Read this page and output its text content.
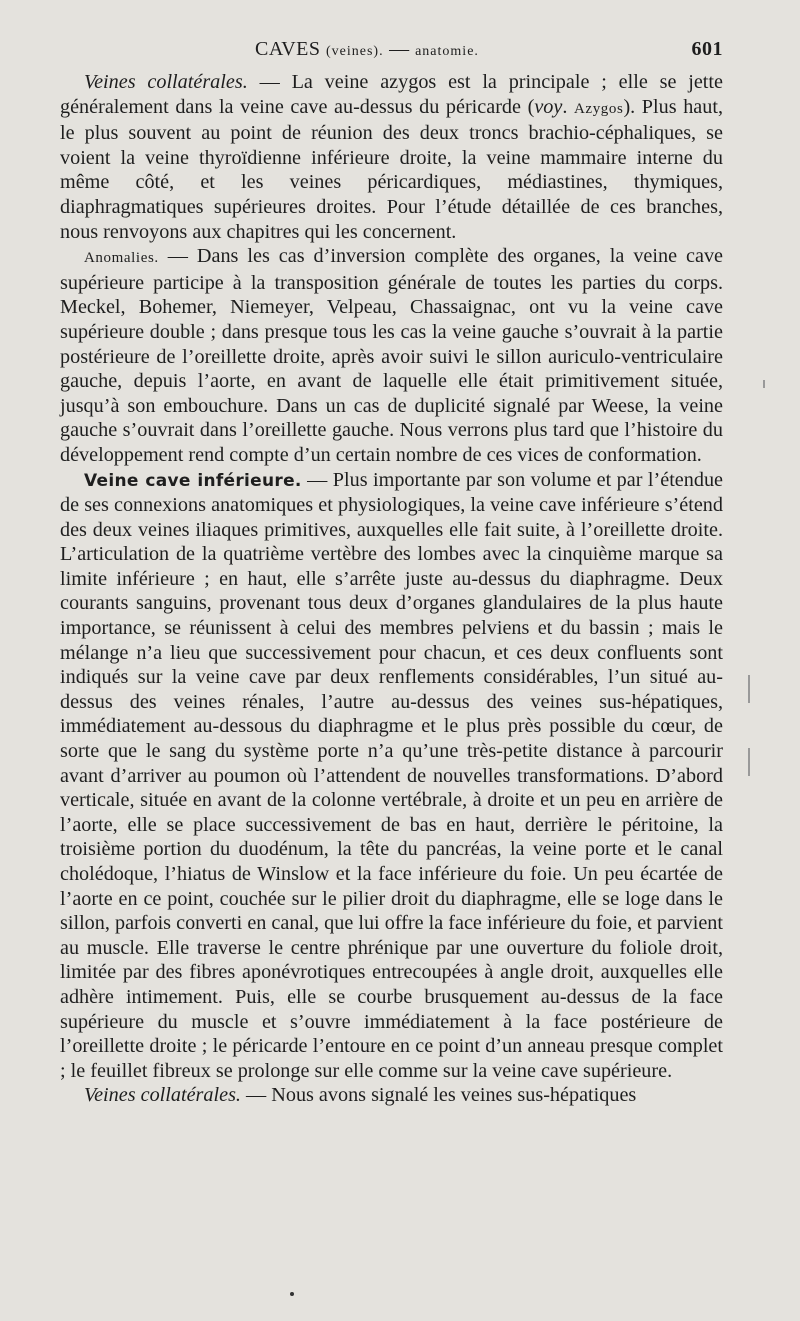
CAVES (veines). — anatomie.	601

Veines collatérales. — La veine azygos est la principale ; elle se jette généralement dans la veine cave au-dessus du péricarde (voy. Azygos). Plus haut, le plus souvent au point de réunion des deux troncs brachio-céphaliques, se voient la veine thyroïdienne inférieure droite, la veine mammaire interne du même côté, et les veines péricardiques, médiastines, thymiques, diaphragmatiques supérieures droites. Pour l’étude détaillée de ces branches, nous renvoyons aux chapitres qui les concernent.

Anomalies. — Dans les cas d’inversion complète des organes, la veine cave supérieure participe à la transposition générale de toutes les parties du corps. Meckel, Bohemer, Niemeyer, Velpeau, Chassaignac, ont vu la veine cave supérieure double ; dans presque tous les cas la veine gauche s’ouvrait à la partie postérieure de l’oreillette droite, après avoir suivi le sillon auriculo-ventriculaire gauche, depuis l’aorte, en avant de laquelle elle était primitivement située, jusqu’à son embouchure. Dans un cas de duplicité signalé par Weese, la veine gauche s’ouvrait dans l’oreillette gauche. Nous verrons plus tard que l’histoire du développement rend compte d’un certain nombre de ces vices de conformation.

Veine cave inférieure. — Plus importante par son volume et par l’étendue de ses connexions anatomiques et physiologiques, la veine cave inférieure s’étend des deux veines iliaques primitives, auxquelles elle fait suite, à l’oreillette droite. L’articulation de la quatrième vertèbre des lombes avec la cinquième marque sa limite inférieure ; en haut, elle s’arrête juste au-dessus du diaphragme. Deux courants sanguins, provenant tous deux d’organes glandulaires de la plus haute importance, se réunissent à celui des membres pelviens et du bassin ; mais le mélange n’a lieu que successivement pour chacun, et ces deux confluents sont indiqués sur la veine cave par deux renflements considérables, l’un situé au-dessus des veines rénales, l’autre au-dessus des veines sus-hépatiques, immédiatement au-dessous du diaphragme et le plus près possible du cœur, de sorte que le sang du système porte n’a qu’une très-petite distance à parcourir avant d’arriver au poumon où l’attendent de nouvelles transformations. D’abord verticale, située en avant de la colonne vertébrale, à droite et un peu en arrière de l’aorte, elle se place successivement de bas en haut, derrière le péritoine, la troisième portion du duodénum, la tête du pancréas, la veine porte et le canal cholédoque, l’hiatus de Winslow et la face inférieure du foie. Un peu écartée de l’aorte en ce point, couchée sur le pilier droit du diaphragme, elle se loge dans le sillon, parfois converti en canal, que lui offre la face inférieure du foie, et parvient au muscle. Elle traverse le centre phrénique par une ouverture du foliole droit, limitée par des fibres aponévrotiques entrecoupées à angle droit, auxquelles elle adhère intimement. Puis, elle se courbe brusquement au-dessus de la face supérieure du muscle et s’ouvre immédiatement à la face postérieure de l’oreillette droite ; le péricarde l’entoure en ce point d’un anneau presque complet ; le feuillet fibreux se prolonge sur elle comme sur la veine cave supérieure.

Veines collatérales. — Nous avons signalé les veines sus-hépatiques
